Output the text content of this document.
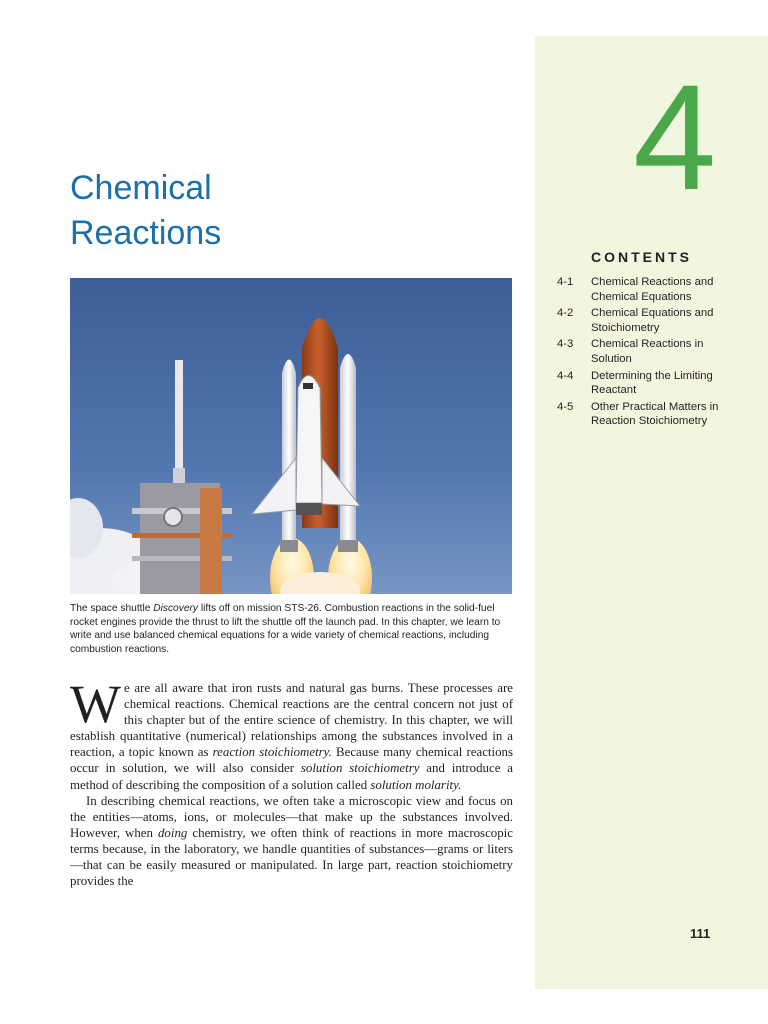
4
CONTENTS
4-1	Chemical Reactions and Chemical Equations
4-2	Chemical Equations and Stoichiometry
4-3	Chemical Reactions in Solution
4-4	Determining the Limiting Reactant
4-5	Other Practical Matters in Reaction Stoichiometry
Chemical
Reactions

The space shuttle Discovery lifts off on mission STS-26. Combustion reactions in the solid-fuel rocket engines provide the thrust to lift the shuttle off the launch pad. In this chapter, we learn to write and use balanced chemical equations for a wide variety of chemical reactions, including combustion reactions.

We are all aware that iron rusts and natural gas burns. These processes are chemical reactions. Chemical reactions are the central concern not just of this chapter but of the entire science of chemistry. In this chapter, we will establish quantitative (numerical) relationships among the substances involved in a reaction, a topic known as reaction stoichiometry. Because many chemical reactions occur in solution, we will also consider solution stoichiometry and introduce a method of describing the composition of a solution called solution molarity.

In describing chemical reactions, we often take a microscopic view and focus on the entities—atoms, ions, or molecules—that make up the substances involved. However, when doing chemistry, we often think of reactions in more macroscopic terms because, in the laboratory, we handle quantities of substances—grams or liters—that can be easily measured or manipulated. In large part, reaction stoichiometry provides the

111
